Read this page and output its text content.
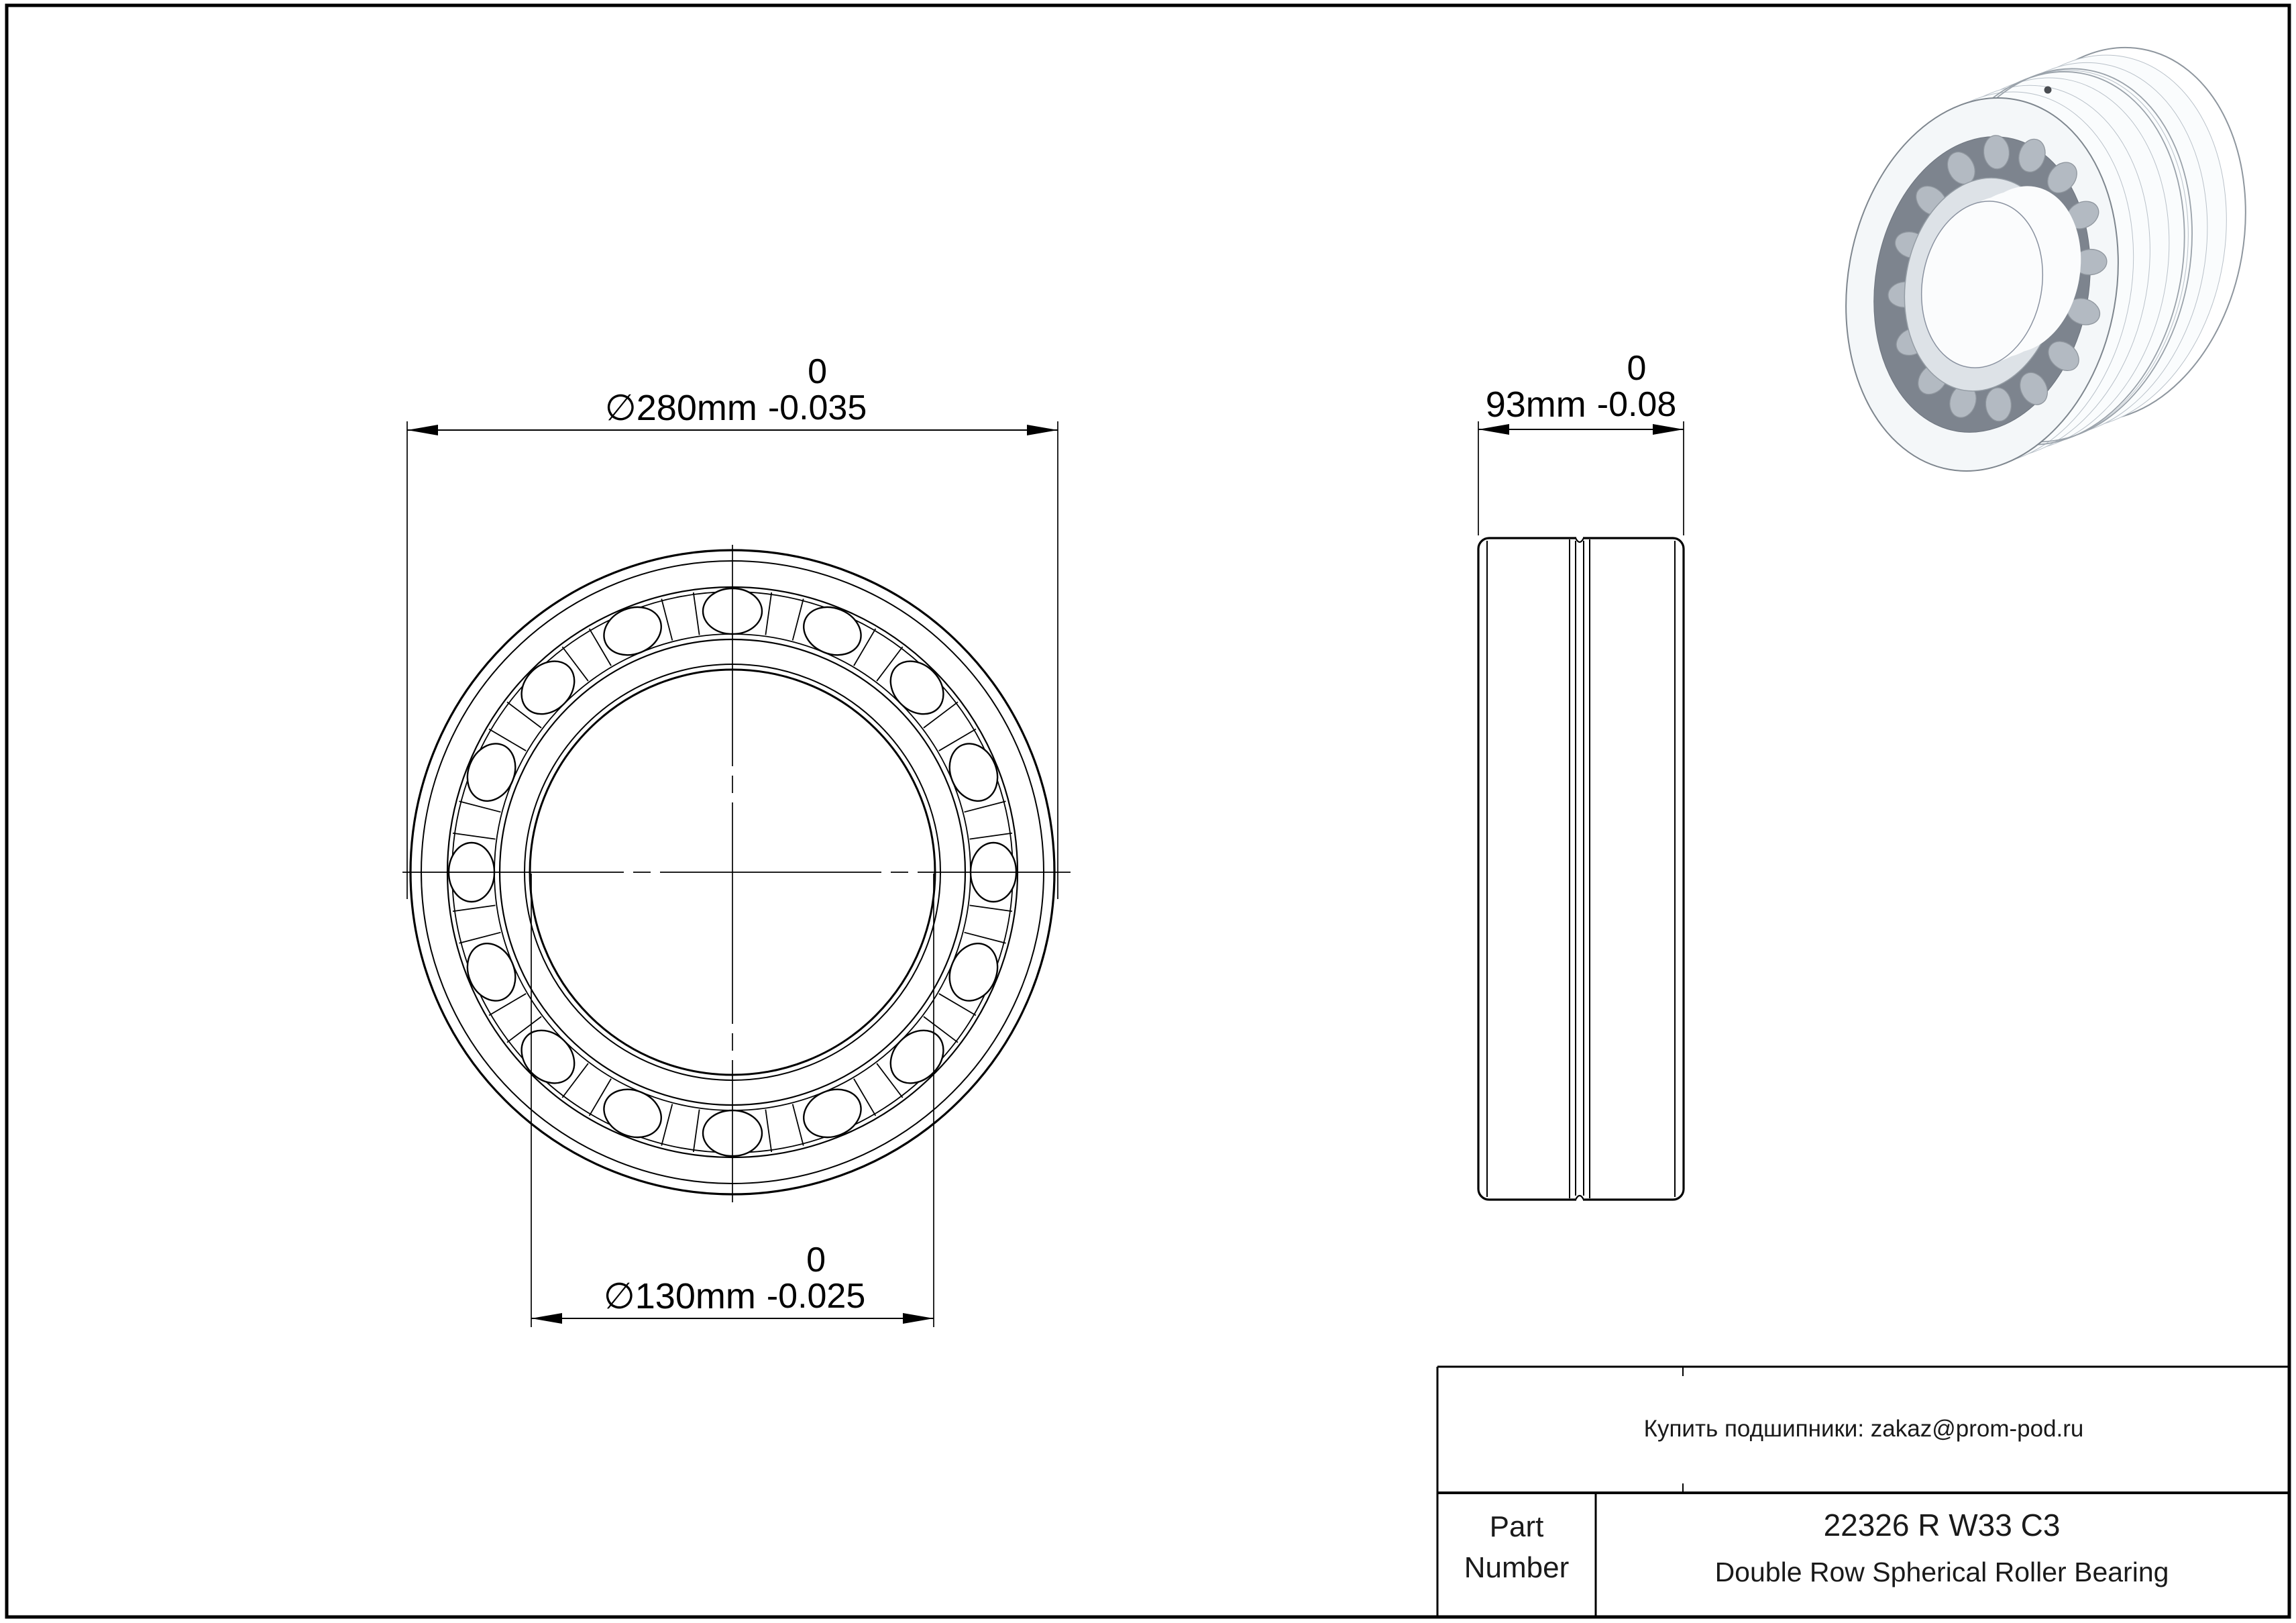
∅280mm
0
-0.035
∅130mm
0
-0.025
93mm
0
-0.08
Купить подшипники: zakaz@prom-pod.ru
Part Number
22326 R W33 C3
Double Row Spherical Roller Bearing
